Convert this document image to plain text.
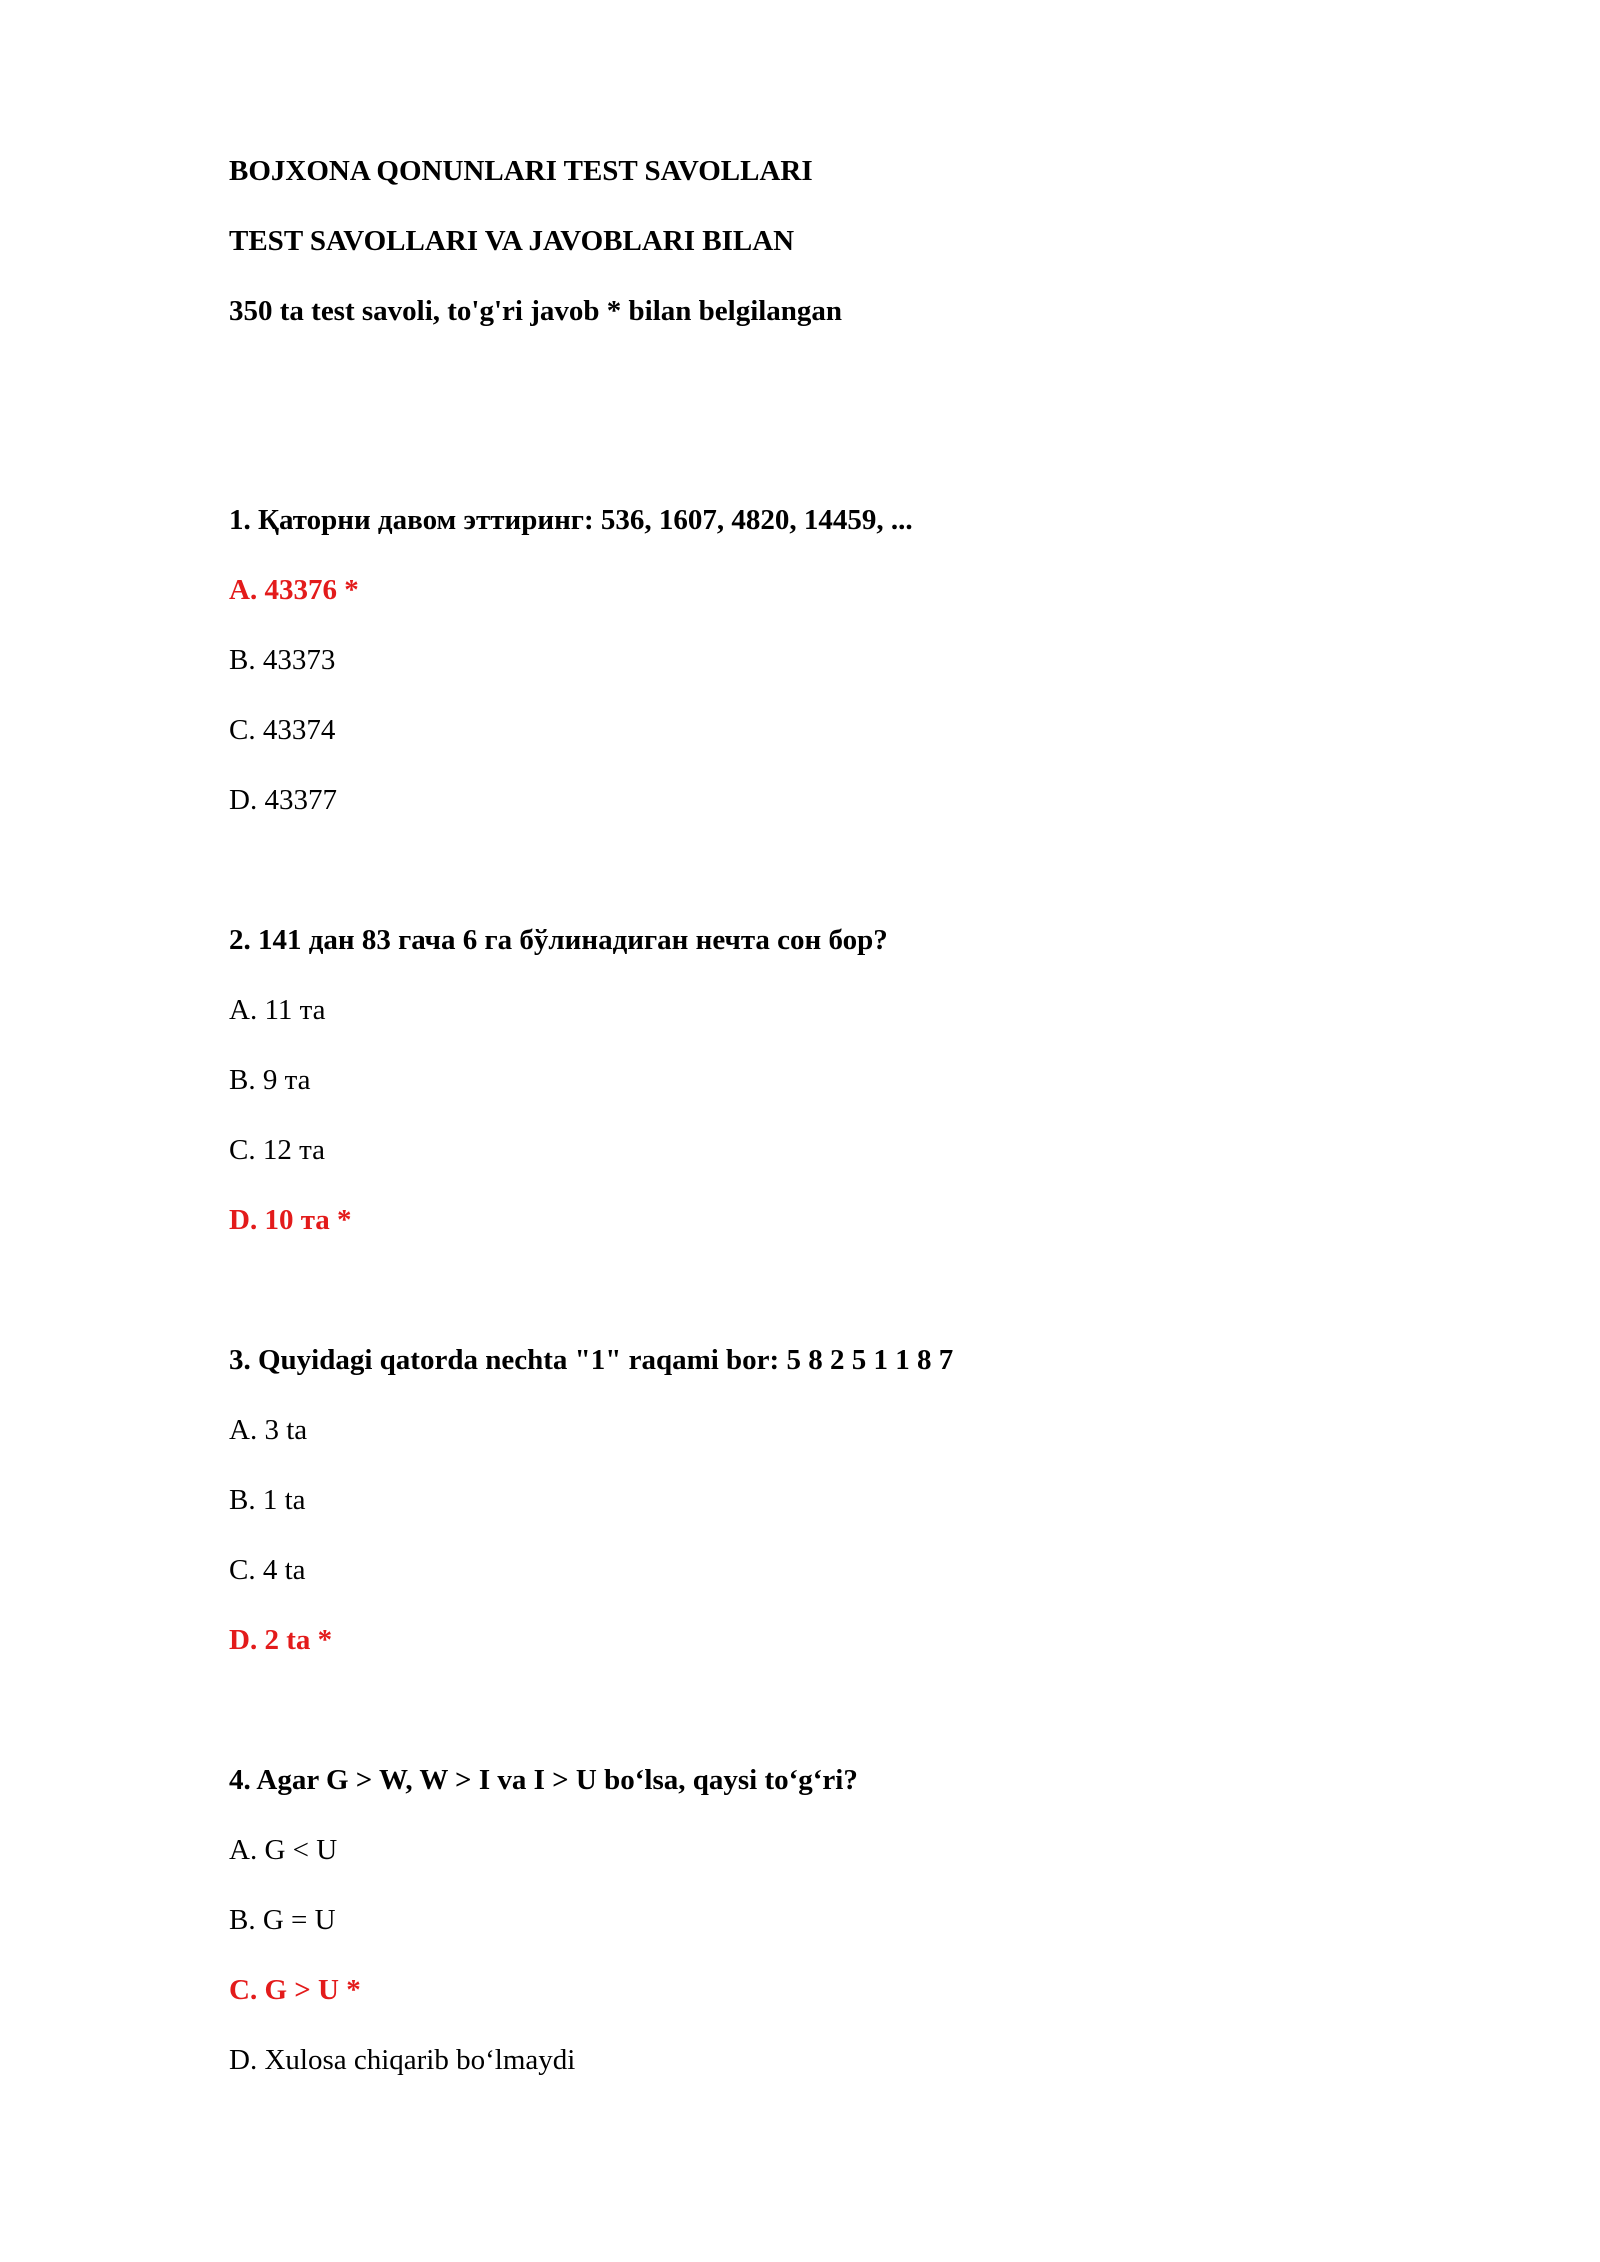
BOJXONA QONUNLARI TEST SAVOLLARI
TEST SAVOLLARI VA JAVOBLARI BILAN
350 ta test savoli, to'g'ri javob * bilan belgilangan
1. Қаторни давом эттиринг: 536, 1607, 4820, 14459, ...
A. 43376 *
B. 43373
C. 43374
D. 43377
2. 141 дан 83 гача 6 га бўлинадиган нечта сон бор?
A. 11 та
B. 9 та
C. 12 та
D. 10 та *
3. Quyidagi qatorda nechta "1" raqami bor: 5 8 2 5 1 1 8 7
A. 3 ta
B. 1 ta
C. 4 ta
D. 2 ta *
4. Agar G > W, W > I va I > U bo‘lsa, qaysi to‘g‘ri?
A. G < U
B. G = U
C. G > U *
D. Xulosa chiqarib bo‘lmaydi
